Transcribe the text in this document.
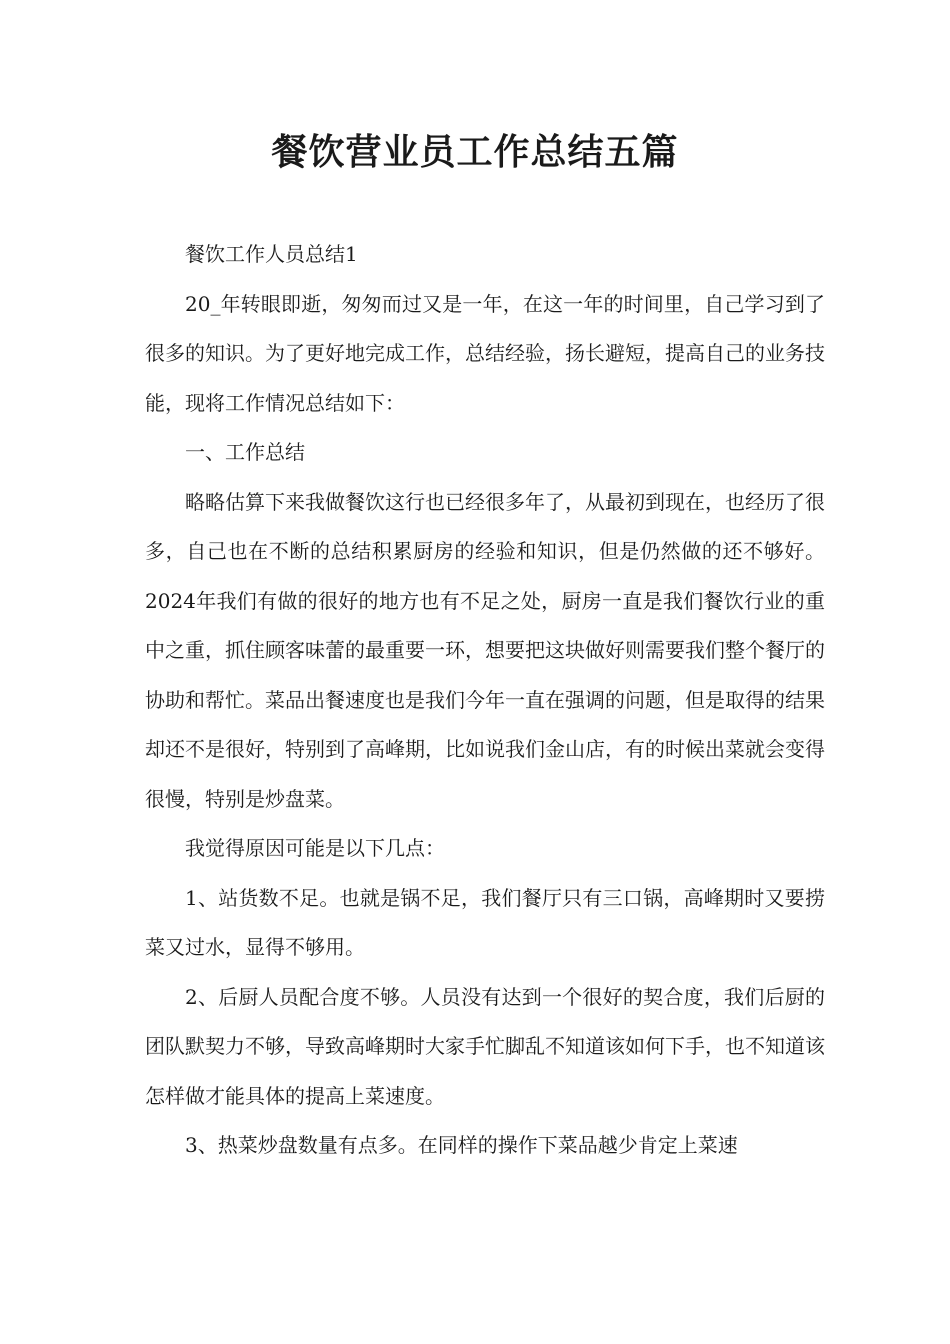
餐饮营业员工作总结五篇

餐饮工作人员总结1

20_年转眼即逝，匆匆而过又是一年，在这一年的时间里，自己学习到了很多的知识。为了更好地完成工作，总结经验，扬长避短，提高自己的业务技能，现将工作情况总结如下：

一、工作总结

略略估算下来我做餐饮这行也已经很多年了，从最初到现在，也经历了很多，自己也在不断的总结积累厨房的经验和知识，但是仍然做的还不够好。2024年我们有做的很好的地方也有不足之处，厨房一直是我们餐饮行业的重中之重，抓住顾客味蕾的最重要一环，想要把这块做好则需要我们整个餐厅的协助和帮忙。菜品出餐速度也是我们今年一直在强调的问题，但是取得的结果却还不是很好，特别到了高峰期，比如说我们金山店，有的时候出菜就会变得很慢，特别是炒盘菜。

我觉得原因可能是以下几点：

1、站货数不足。也就是锅不足，我们餐厅只有三口锅，高峰期时又要捞菜又过水，显得不够用。

2、后厨人员配合度不够。人员没有达到一个很好的契合度，我们后厨的团队默契力不够，导致高峰期时大家手忙脚乱不知道该如何下手，也不知道该怎样做才能具体的提高上菜速度。

3、热菜炒盘数量有点多。在同样的操作下菜品越少肯定上菜速
